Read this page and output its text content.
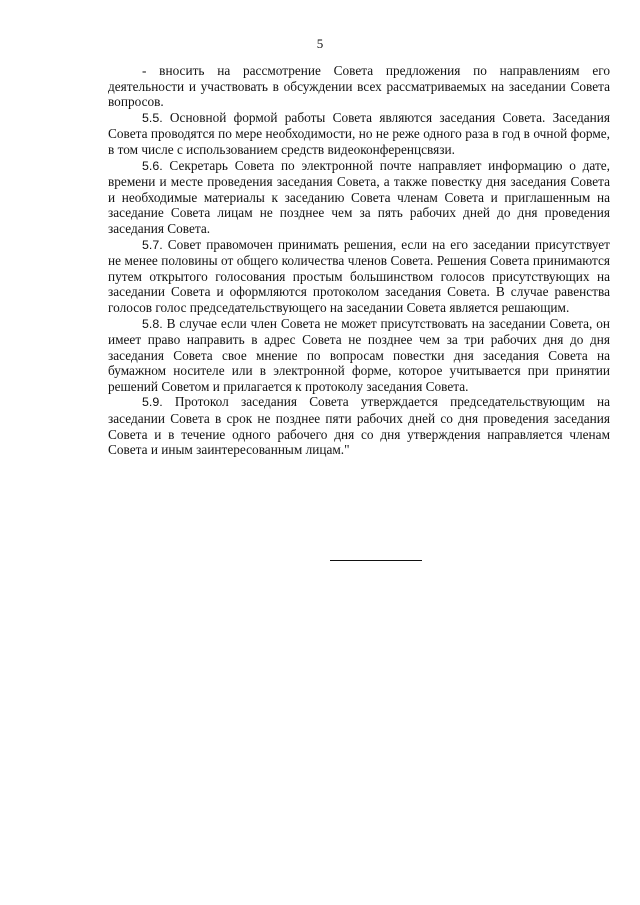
5

- вносить на рассмотрение Совета предложения по направлениям его деятельности и участвовать в обсуждении всех рассматриваемых на заседании Совета вопросов.

5.5. Основной формой работы Совета являются заседания Совета. Заседания Совета проводятся по мере необходимости, но не реже одного раза в год в очной форме, в том числе с использованием средств видеоконференцсвязи.

5.6. Секретарь Совета по электронной почте направляет информацию о дате, времени и месте проведения заседания Совета, а также повестку дня заседания Совета и необходимые материалы к заседанию Совета членам Совета и приглашенным на заседание Совета лицам не позднее чем за пять рабочих дней до дня проведения заседания Совета.

5.7. Совет правомочен принимать решения, если на его заседании присутствует не менее половины от общего количества членов Совета. Решения Совета принимаются путем открытого голосования простым большинством голосов присутствующих на заседании Совета и оформляются протоколом заседания Совета. В случае равенства голосов голос председательствующего на заседании Совета является решающим.

5.8. В случае если член Совета не может присутствовать на заседании Совета, он имеет право направить в адрес Совета не позднее чем за три рабочих дня до дня заседания Совета свое мнение по вопросам повестки дня заседания Совета на бумажном носителе или в электронной форме, которое учитывается при принятии решений Советом и прилагается к протоколу заседания Совета.

5.9. Протокол заседания Совета утверждается председательствующим на заседании Совета в срок не позднее пяти рабочих дней со дня проведения заседания Совета и в течение одного рабочего дня со дня утверждения направляется членам Совета и иным заинтересованным лицам."
